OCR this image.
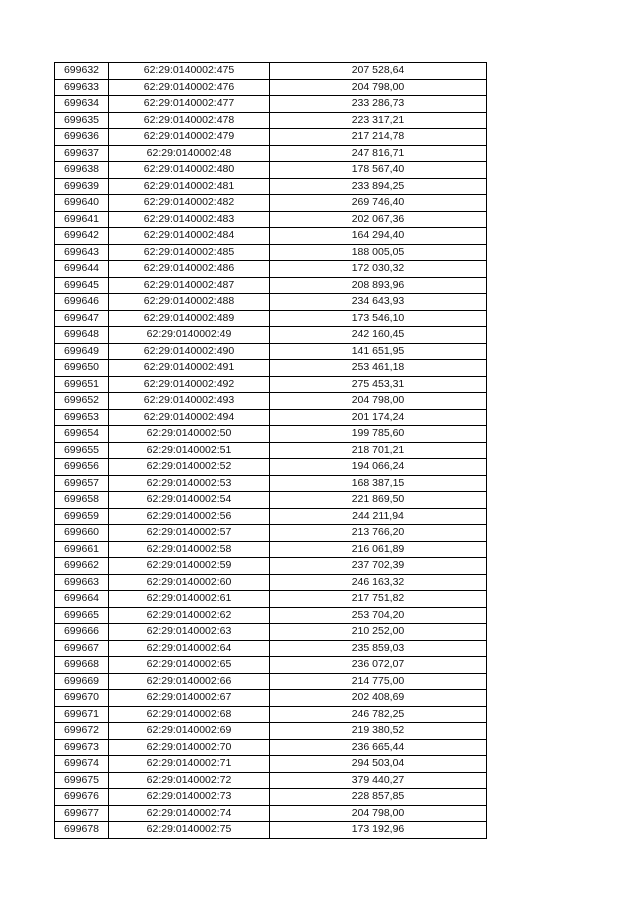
699632	62:29:0140002:475	207 528,64
699633	62:29:0140002:476	204 798,00
699634	62:29:0140002:477	233 286,73
699635	62:29:0140002:478	223 317,21
699636	62:29:0140002:479	217 214,78
699637	62:29:0140002:48	247 816,71
699638	62:29:0140002:480	178 567,40
699639	62:29:0140002:481	233 894,25
699640	62:29:0140002:482	269 746,40
699641	62:29:0140002:483	202 067,36
699642	62:29:0140002:484	164 294,40
699643	62:29:0140002:485	188 005,05
699644	62:29:0140002:486	172 030,32
699645	62:29:0140002:487	208 893,96
699646	62:29:0140002:488	234 643,93
699647	62:29:0140002:489	173 546,10
699648	62:29:0140002:49	242 160,45
699649	62:29:0140002:490	141 651,95
699650	62:29:0140002:491	253 461,18
699651	62:29:0140002:492	275 453,31
699652	62:29:0140002:493	204 798,00
699653	62:29:0140002:494	201 174,24
699654	62:29:0140002:50	199 785,60
699655	62:29:0140002:51	218 701,21
699656	62:29:0140002:52	194 066,24
699657	62:29:0140002:53	168 387,15
699658	62:29:0140002:54	221 869,50
699659	62:29:0140002:56	244 211,94
699660	62:29:0140002:57	213 766,20
699661	62:29:0140002:58	216 061,89
699662	62:29:0140002:59	237 702,39
699663	62:29:0140002:60	246 163,32
699664	62:29:0140002:61	217 751,82
699665	62:29:0140002:62	253 704,20
699666	62:29:0140002:63	210 252,00
699667	62:29:0140002:64	235 859,03
699668	62:29:0140002:65	236 072,07
699669	62:29:0140002:66	214 775,00
699670	62:29:0140002:67	202 408,69
699671	62:29:0140002:68	246 782,25
699672	62:29:0140002:69	219 380,52
699673	62:29:0140002:70	236 665,44
699674	62:29:0140002:71	294 503,04
699675	62:29:0140002:72	379 440,27
699676	62:29:0140002:73	228 857,85
699677	62:29:0140002:74	204 798,00
699678	62:29:0140002:75	173 192,96
